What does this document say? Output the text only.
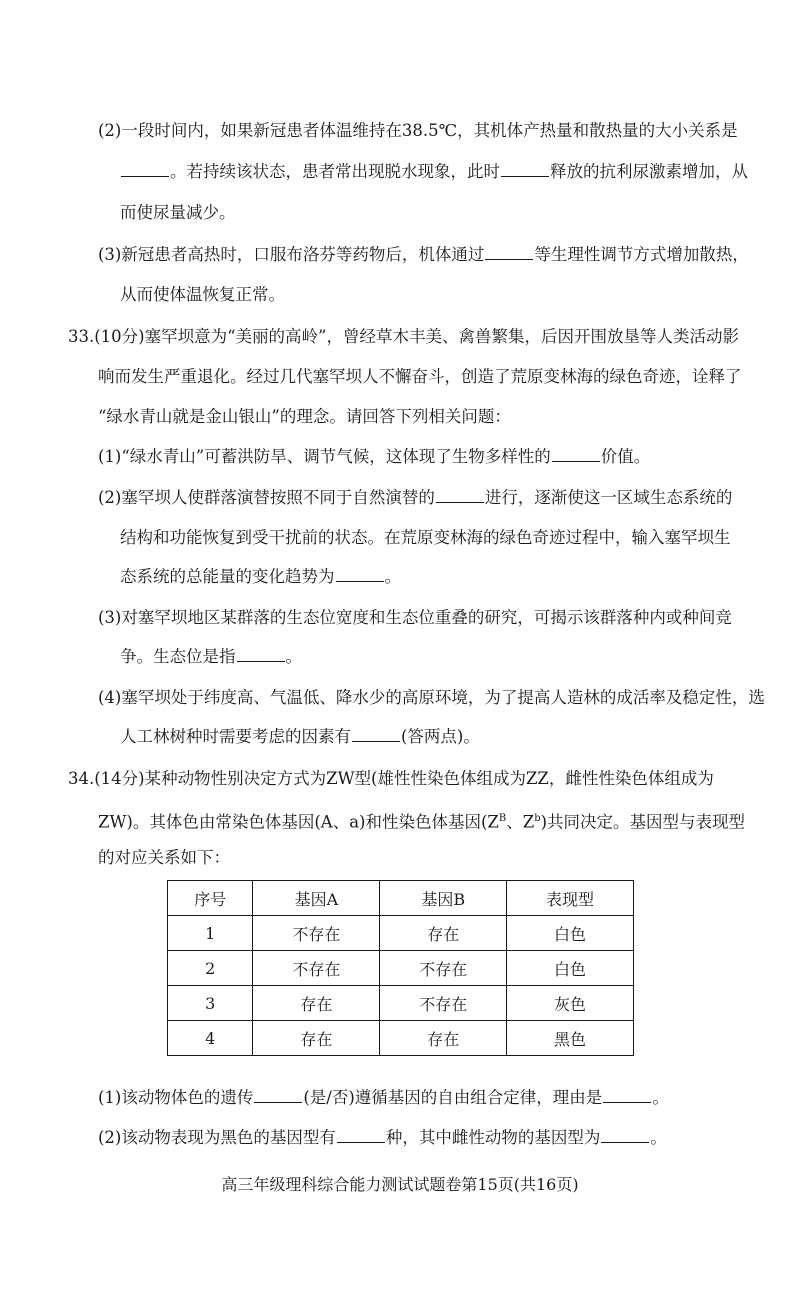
(2)一段时间内，如果新冠患者体温维持在38.5℃，其机体产热量和散热量的大小关系是
。若持续该状态，患者常出现脱水现象，此时	释放的抗利尿激素增加，从
而使尿量减少。
(3)新冠患者高热时，口服布洛芬等药物后，机体通过	等生理性调节方式增加散热，
从而使体温恢复正常。
33.(10分)塞罕坝意为“美丽的高岭”，曾经草木丰美、禽兽繁集，后因开围放垦等人类活动影
响而发生严重退化。经过几代塞罕坝人不懈奋斗，创造了荒原变林海的绿色奇迹，诠释了
“绿水青山就是金山银山”的理念。请回答下列相关问题：
(1)“绿水青山”可蓄洪防旱、调节气候，这体现了生物多样性的	价值。
(2)塞罕坝人使群落演替按照不同于自然演替的	进行，逐渐使这一区域生态系统的
结构和功能恢复到受干扰前的状态。在荒原变林海的绿色奇迹过程中，输入塞罕坝生
态系统的总能量的变化趋势为	。
(3)对塞罕坝地区某群落的生态位宽度和生态位重叠的研究，可揭示该群落种内或种间竞
争。生态位是指	。
(4)塞罕坝处于纬度高、气温低、降水少的高原环境，为了提高人造林的成活率及稳定性，选
人工林树种时需要考虑的因素有	(答两点)。
34.(14分)某种动物性别决定方式为ZW型(雄性性染色体组成为ZZ，雌性性染色体组成为
ZW)。其体色由常染色体基因(A、a)和性染色体基因($Z^B$、$Z^b$)共同决定。基因型与表现型
的对应关系如下：
序号	基因A	基因B	表现型
1	不存在	存在	白色
2	不存在	不存在	白色
3	存在	不存在	灰色
4	存在	存在	黑色
(1)该动物体色的遗传	(是/否)遵循基因的自由组合定律，理由是	。
(2)该动物表现为黑色的基因型有	种，其中雌性动物的基因型为	。
高三年级理科综合能力测试试题卷第15页(共16页)
